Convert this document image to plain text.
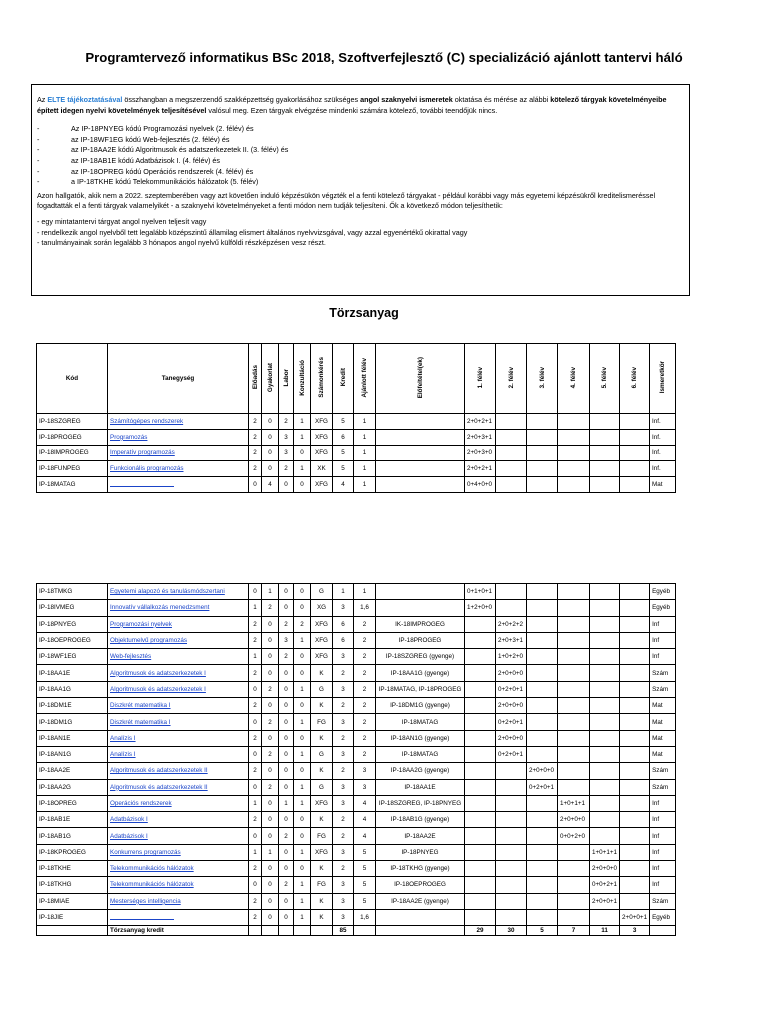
Programtervező informatikus BSc 2018, Szoftverfejlesztő (C) specializáció ajánlott tantervi háló

Az ELTE tájékoztatásával összhangban a megszerzendő szakképzettség gyakorlásához szükséges angol szaknyelvi ismeretek oktatása és mérése az alábbi kötelező tárgyak követelményeibe épített idegen nyelvi követelmények teljesítésével valósul meg. Ezen tárgyak elvégzése mindenki számára kötelező, további teendőjük nincs.

-	Az IP-18PNYEG kódú Programozási nyelvek (2. félév) és
-	az IP-18WF1EG kódú Web-fejlesztés (2. félév) és
-	az IP-18AA2E kódú Algoritmusok és adatszerkezetek II. (3. félév) és
-	az IP-18AB1E kódú Adatbázisok I. (4. félév) és
-	az IP-18OPREG kódú Operációs rendszerek (4. félév) és
-	a IP-18TKHE kódú Telekommunikációs hálózatok (5. félév)

Azon hallgatók, akik nem a 2022. szeptemberében vagy azt követően induló képzésükön végzték el a fenti kötelező tárgyakat - például korábbi vagy más egyetemi képzésükről kreditelismeréssel fogadtatták el a fenti tárgyak valamelyikét - a szaknyelvi követelményeket a fenti módon nem tudják teljesíteni. Ők a következő módon teljesíthetik:

- egy mintatantervi tárgyat angol nyelven teljesít vagy

- rendelkezik angol nyelvből tett legalább középszintű államilag elismert általános nyelvvizsgával, vagy azzal egyenértékű okirattal vagy

- tanulmányainak során legalább 3 hónapos angol nyelvű külföldi részképzésen vesz részt.

Törzsanyag
Kód	Tanegység	Előadás	Gyakorlat	Labor	Konzultáció	Számonkérés	Kredit	Ajánlott félév	Előfeltétel(ek)	1. félév	2. félév	3. félév	4. félév	5. félév	6. félév	Ismeretkör
IP-18SZGREG	Számítógépes rendszerek	2	0	2	1	XFG	5	1		2+0+2+1						Inf.
IP-18PROGEG	Programozás	2	0	3	1	XFG	6	1		2+0+3+1						Inf.
IP-18IMPROGEG	Imperatív programozás	2	0	3	0	XFG	5	1		2+0+3+0						Inf.
IP-18FUNPEG	Funkcionális programozás	2	0	2	1	XK	5	1		2+0+2+1						Inf.
IP-18MATAG		0	4	0	0	XFG	4	1		0+4+0+0						Mat
IP-18TMKG	Egyetemi alapozó és tanulásmódszertani	0	1	0	0	G	1	1		0+1+0+1						Egyéb
IP-18IVMEG	Innovatív vállalkozás menedzsment	1	2	0	0	XG	3	1,6		1+2+0+0						Egyéb
IP-18PNYEG	Programozási nyelvek	2	0	2	2	XFG	6	2	IK-18IMPROGEG		2+0+2+2					Inf
IP-18OEPROGEG	Objektumelvű programozás	2	0	3	1	XFG	6	2	IP-18PROGEG		2+0+3+1					Inf
IP-18WF1EG	Web-fejlesztés	1	0	2	0	XFG	3	2	IP-18SZGREG (gyenge)		1+0+2+0					Inf
IP-18AA1E	Algoritmusok és adatszerkezetek I	2	0	0	0	K	2	2	IP-18AA1G (gyenge)		2+0+0+0					Szám
IP-18AA1G	Algoritmusok és adatszerkezetek I	0	2	0	1	G	3	2	IP-18MATAG, IP-18PROGEG		0+2+0+1					Szám
IP-18DM1E	Diszkrét matematika I	2	0	0	0	K	2	2	IP-18DM1G (gyenge)		2+0+0+0					Mat
IP-18DM1G	Diszkrét matematika I	0	2	0	1	FG	3	2	IP-18MATAG		0+2+0+1					Mat
IP-18AN1E	Analízis I	2	0	0	0	K	2	2	IP-18AN1G (gyenge)		2+0+0+0					Mat
IP-18AN1G	Analízis I	0	2	0	1	G	3	2	IP-18MATAG		0+2+0+1					Mat
IP-18AA2E	Algoritmusok és adatszerkezetek II	2	0	0	0	K	2	3	IP-18AA2G (gyenge)			2+0+0+0				Szám
IP-18AA2G	Algoritmusok és adatszerkezetek II	0	2	0	1	G	3	3	IP-18AA1E			0+2+0+1				Szám
IP-18OPREG	Operációs rendszerek	1	0	1	1	XFG	3	4	IP-18SZGREG, IP-18PNYEG				1+0+1+1			Inf
IP-18AB1E	Adatbázisok I	2	0	0	0	K	2	4	IP-18AB1G (gyenge)				2+0+0+0			Inf
IP-18AB1G	Adatbázisok I	0	0	2	0	FG	2	4	IP-18AA2E				0+0+2+0			Inf
IP-18KPROGEG	Konkurrens programozás	1	1	0	1	XFG	3	5	IP-18PNYEG					1+0+1+1		Inf
IP-18TKHE	Telekommunikációs hálózatok	2	0	0	0	K	2	5	IP-18TKHG (gyenge)					2+0+0+0		Inf
IP-18TKHG	Telekommunikációs hálózatok	0	0	2	1	FG	3	5	IP-18OEPROGEG					0+0+2+1		Inf
IP-18MIAE	Mesterséges intelligencia	2	0	0	1	K	3	5	IP-18AA2E (gyenge)					2+0+0+1		Szám
IP-18JIE		2	0	0	1	K	3	1,6							2+0+0+1	Egyéb
	Törzsanyag kredit						85			29	30	5	7	11	3	
